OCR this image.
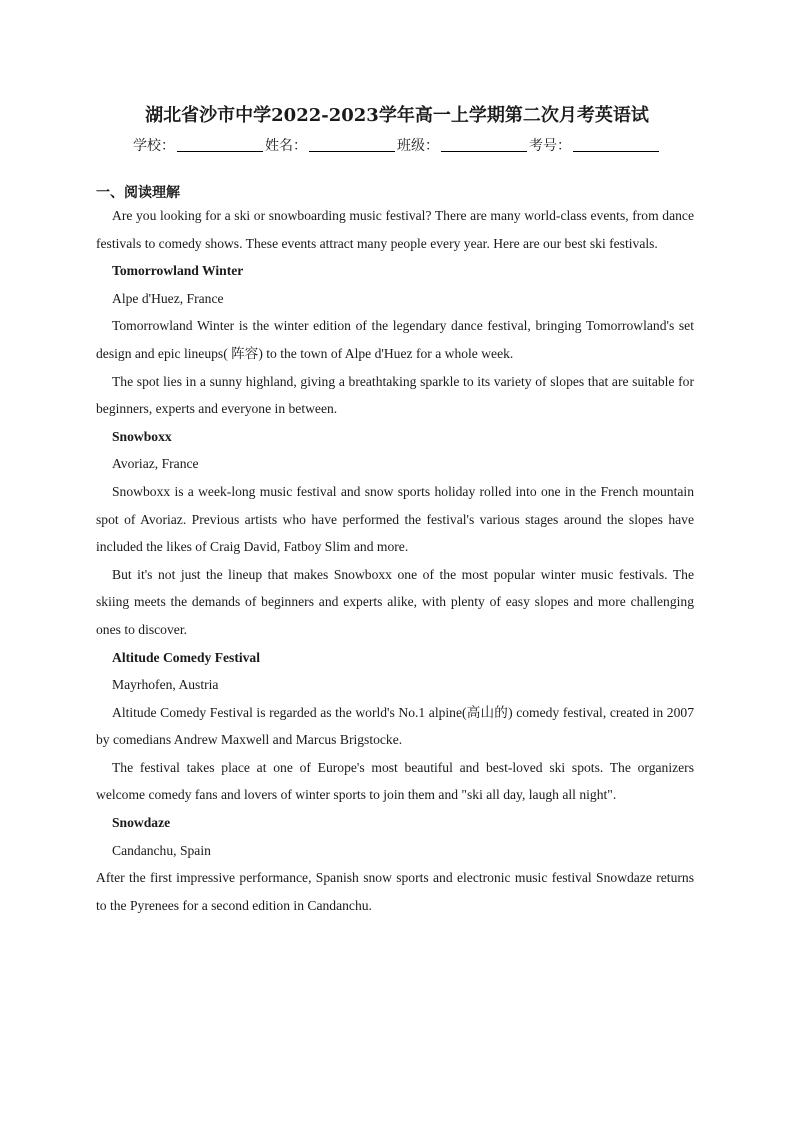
湖北省沙市中学2022-2023学年高一上学期第二次月考英语试
学校：	姓名：	班级：	考号：
一、阅读理解

Are you looking for a ski or snowboarding music festival? There are many world-class events, from dance festivals to comedy shows. These events attract many people every year. Here are our best ski festivals.

Tomorrowland Winter

Alpe d'Huez, France

Tomorrowland Winter is the winter edition of the legendary dance festival, bringing Tomorrowland's set design and epic lineups( 阵容) to the town of Alpe d'Huez for a whole week.

The spot lies in a sunny highland, giving a breathtaking sparkle to its variety of slopes that are suitable for beginners, experts and everyone in between.

Snowboxx

Avoriaz, France

Snowboxx is a week-long music festival and snow sports holiday rolled into one in the French mountain spot of Avoriaz. Previous artists who have performed the festival's various stages around the slopes have included the likes of Craig David, Fatboy Slim and more.

But it's not just the lineup that makes Snowboxx one of the most popular winter music festivals. The skiing meets the demands of beginners and experts alike, with plenty of easy slopes and more challenging ones to discover.

Altitude Comedy Festival

Mayrhofen, Austria

Altitude Comedy Festival is regarded as the world's No.1 alpine(高山的) comedy festival, created in 2007 by comedians Andrew Maxwell and Marcus Brigstocke.

The festival takes place at one of Europe's most beautiful and best-loved ski spots. The organizers welcome comedy fans and lovers of winter sports to join them and "ski all day, laugh all night".

Snowdaze

Candanchu, Spain

After the first impressive performance, Spanish snow sports and electronic music festival Snowdaze returns to the Pyrenees for a second edition in Candanchu.
